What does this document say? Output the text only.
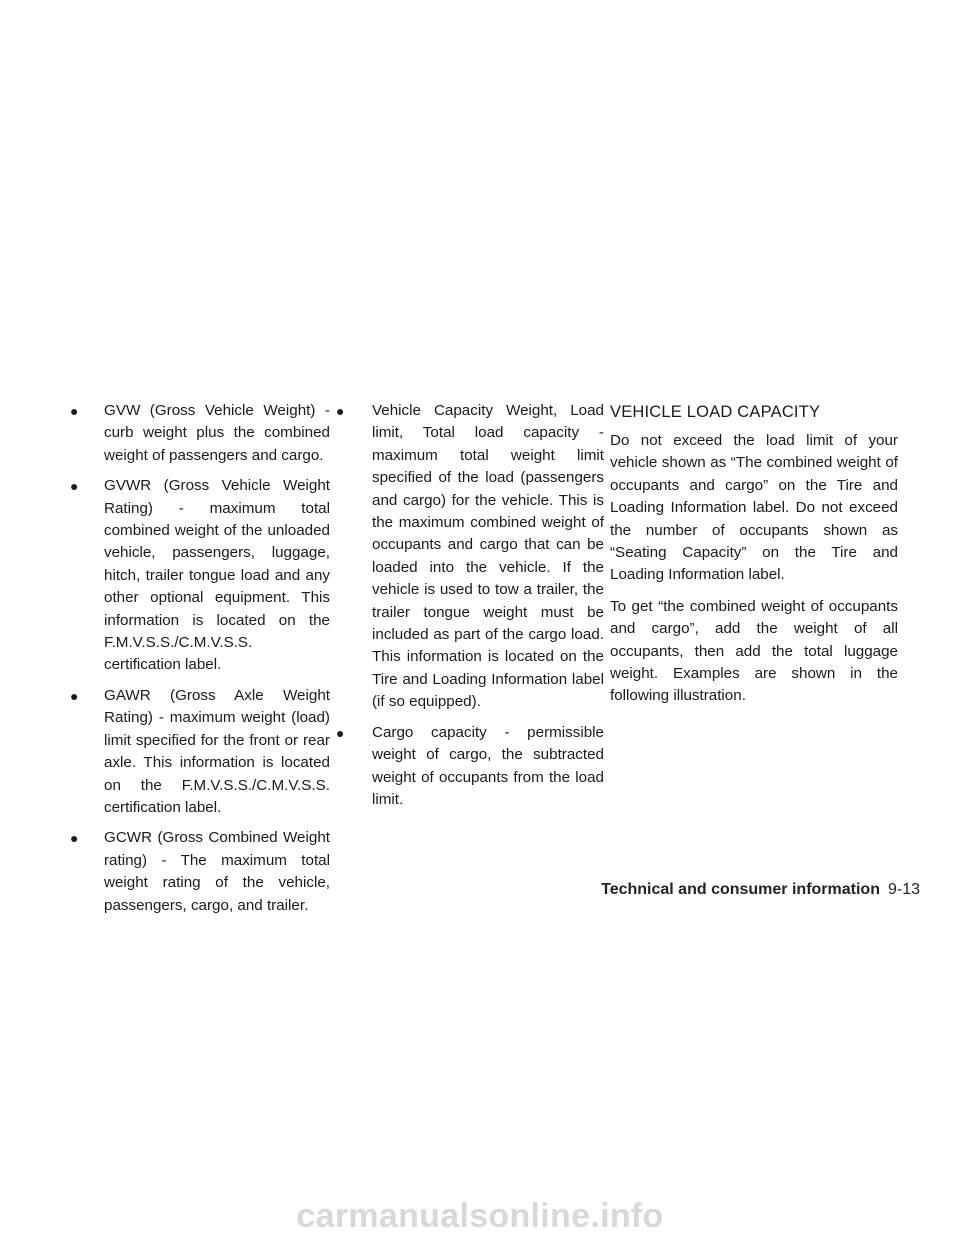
● GVW (Gross Vehicle Weight) - curb weight plus the combined weight of passengers and cargo.
● GVWR (Gross Vehicle Weight Rating) - maximum total combined weight of the unloaded vehicle, passengers, luggage, hitch, trailer tongue load and any other optional equipment. This information is located on the F.M.V.S.S./C.M.V.S.S. certification label.
● GAWR (Gross Axle Weight Rating) - maximum weight (load) limit specified for the front or rear axle. This information is located on the F.M.V.S.S./C.M.V.S.S. certification label.
● GCWR (Gross Combined Weight rating) - The maximum total weight rating of the vehicle, passengers, cargo, and trailer.
● Vehicle Capacity Weight, Load limit, Total load capacity - maximum total weight limit specified of the load (passengers and cargo) for the vehicle. This is the maximum combined weight of occupants and cargo that can be loaded into the vehicle. If the vehicle is used to tow a trailer, the trailer tongue weight must be included as part of the cargo load. This information is located on the Tire and Loading Information label (if so equipped).
● Cargo capacity - permissible weight of cargo, the subtracted weight of occupants from the load limit.
VEHICLE LOAD CAPACITY

Do not exceed the load limit of your vehicle shown as “The combined weight of occupants and cargo” on the Tire and Loading Information label. Do not exceed the number of occupants shown as “Seating Capacity” on the Tire and Loading Information label.

To get “the combined weight of occupants and cargo”, add the weight of all occupants, then add the total luggage weight. Examples are shown in the following illustration.

Technical and consumer information 9-13
carmanualsonline.info
